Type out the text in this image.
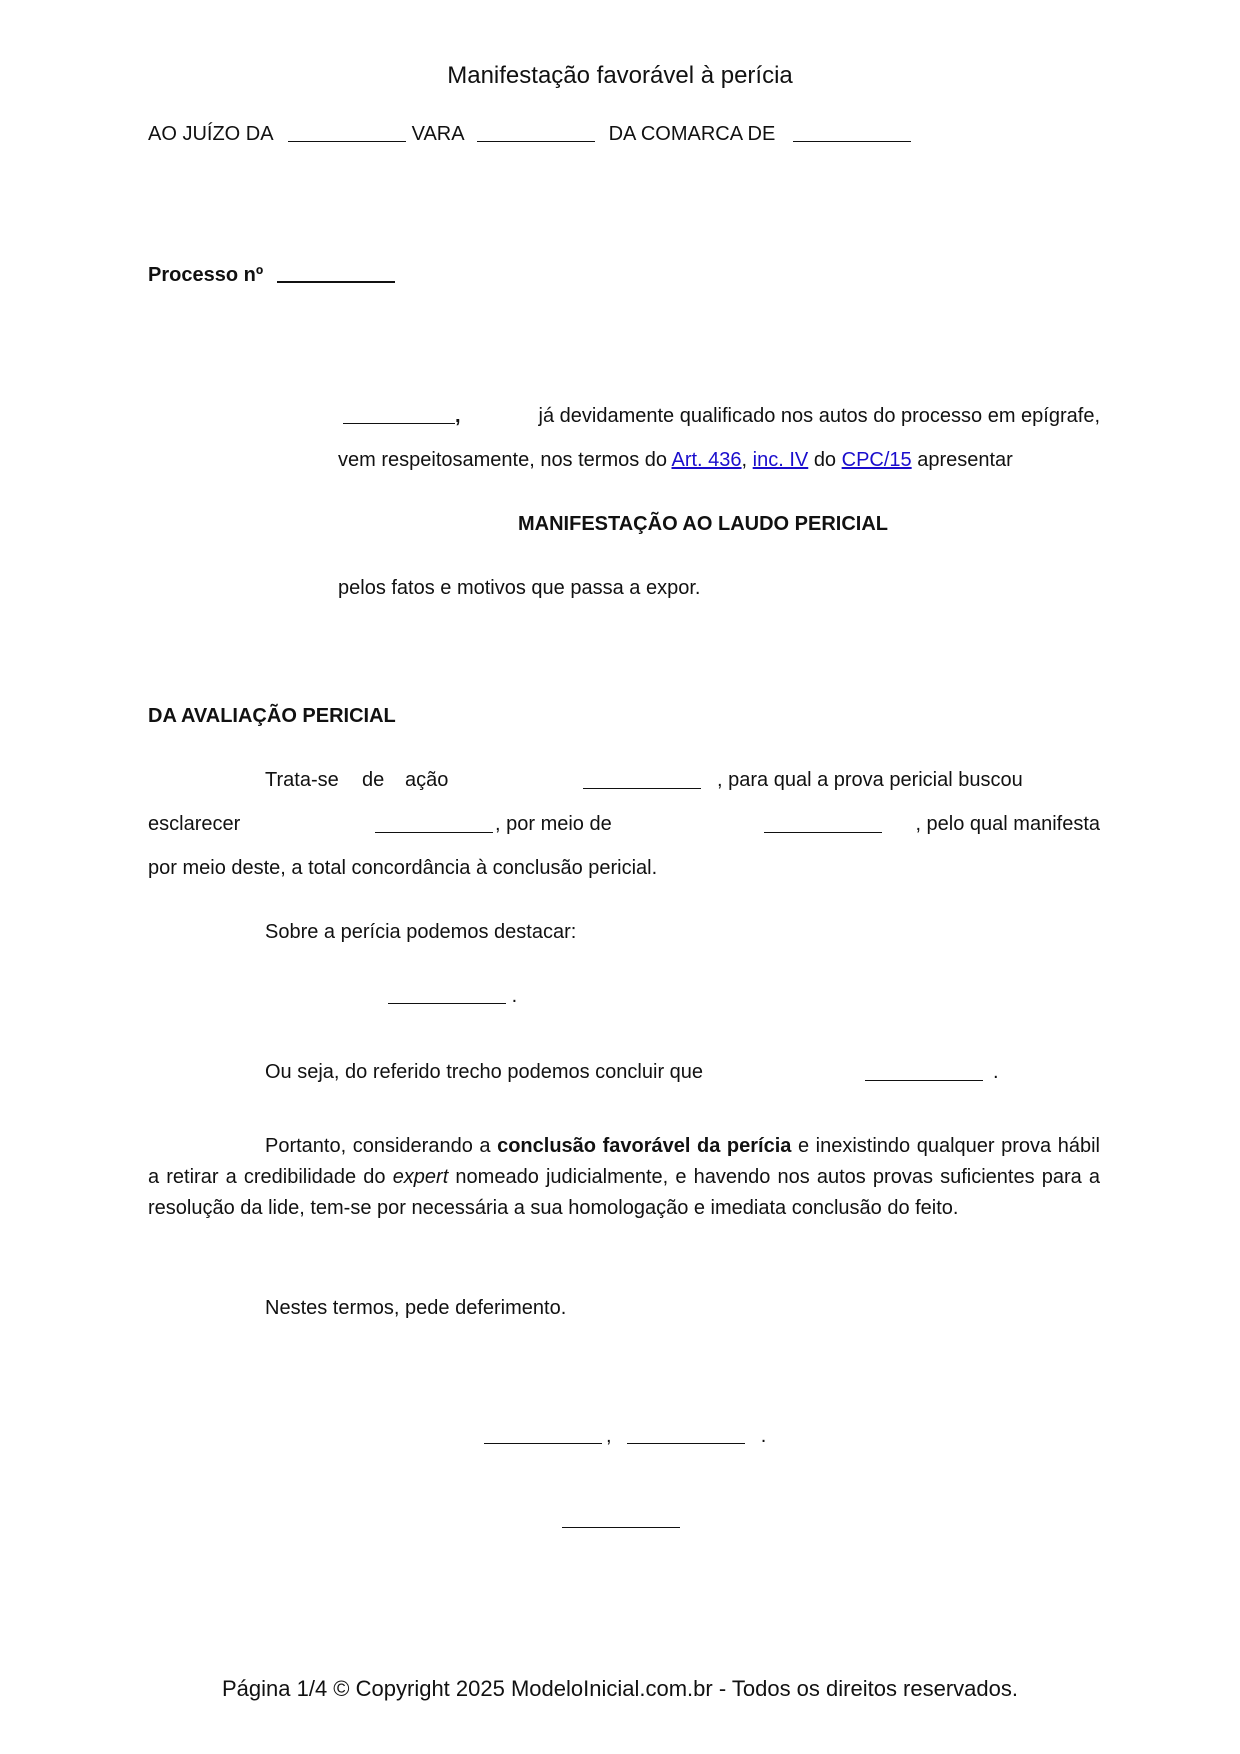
Manifestação favorável à perícia
AO JUÍZO DA	VARA	DA COMARCA DE
Processo nº
,	já devidamente qualificado nos autos do processo em epígrafe,
vem respeitosamente, nos termos do Art. 436, inc. IV do CPC/15 apresentar
MANIFESTAÇÃO AO LAUDO PERICIAL
pelos fatos e motivos que passa a expor.
DA AVALIAÇÃO PERICIAL
Trata-se de ação	, para qual a prova pericial buscou
esclarecer	, por meio de	, pelo qual manifesta
por meio deste, a total concordância à conclusão pericial.
Sobre a perícia podemos destacar:
.
Ou seja, do referido trecho podemos concluir que	.
Portanto, considerando a conclusão favorável da perícia e inexistindo qualquer prova hábil a retirar a credibilidade do expert nomeado judicialmente, e havendo nos autos provas suficientes para a resolução da lide, tem-se por necessária a sua homologação e imediata conclusão do feito.
Nestes termos, pede deferimento.
,	.
Página 1/4 © Copyright 2025 ModeloInicial.com.br - Todos os direitos reservados.
